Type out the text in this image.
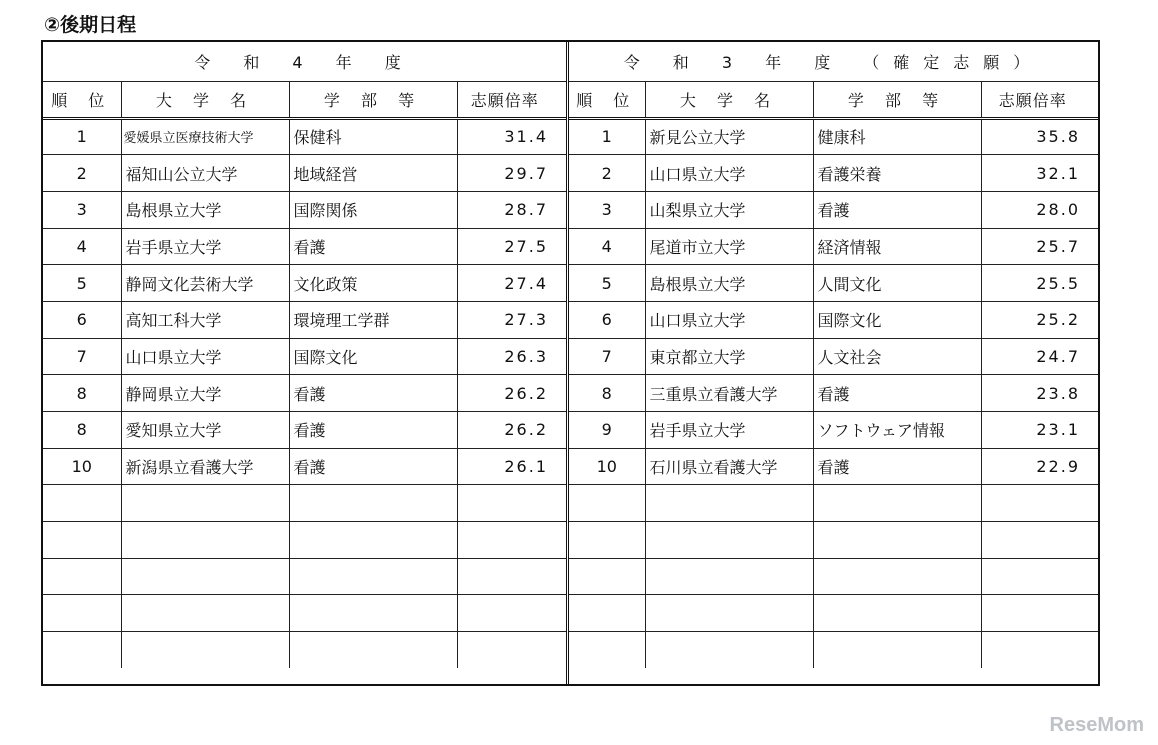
②後期日程
令 和 4 年 度			
順 位	大 学 名	学 部 等	志願倍率
1	愛媛県立医療技術大学	保健科	31.4
2	福知山公立大学	地域経営	29.7
3	島根県立大学	国際関係	28.7
4	岩手県立大学	看護	27.5
5	静岡文化芸術大学	文化政策	27.4
6	高知工科大学	環境理工学群	27.3
7	山口県立大学	国際文化	26.3
8	静岡県立大学	看護	26.2
8	愛知県立大学	看護	26.2
10	新潟県立看護大学	看護	26.1

令 和 3 年 度 （確定志願）			
順 位	大 学 名	学 部 等	志願倍率
1	新見公立大学	健康科	35.8
2	山口県立大学	看護栄養	32.1
3	山梨県立大学	看護	28.0
4	尾道市立大学	経済情報	25.7
5	島根県立大学	人間文化	25.5
6	山口県立大学	国際文化	25.2
7	東京都立大学	人文社会	24.7
8	三重県立看護大学	看護	23.8
9	岩手県立大学	ソフトウェア情報	23.1
10	石川県立看護大学	看護	22.9

ReseMom
